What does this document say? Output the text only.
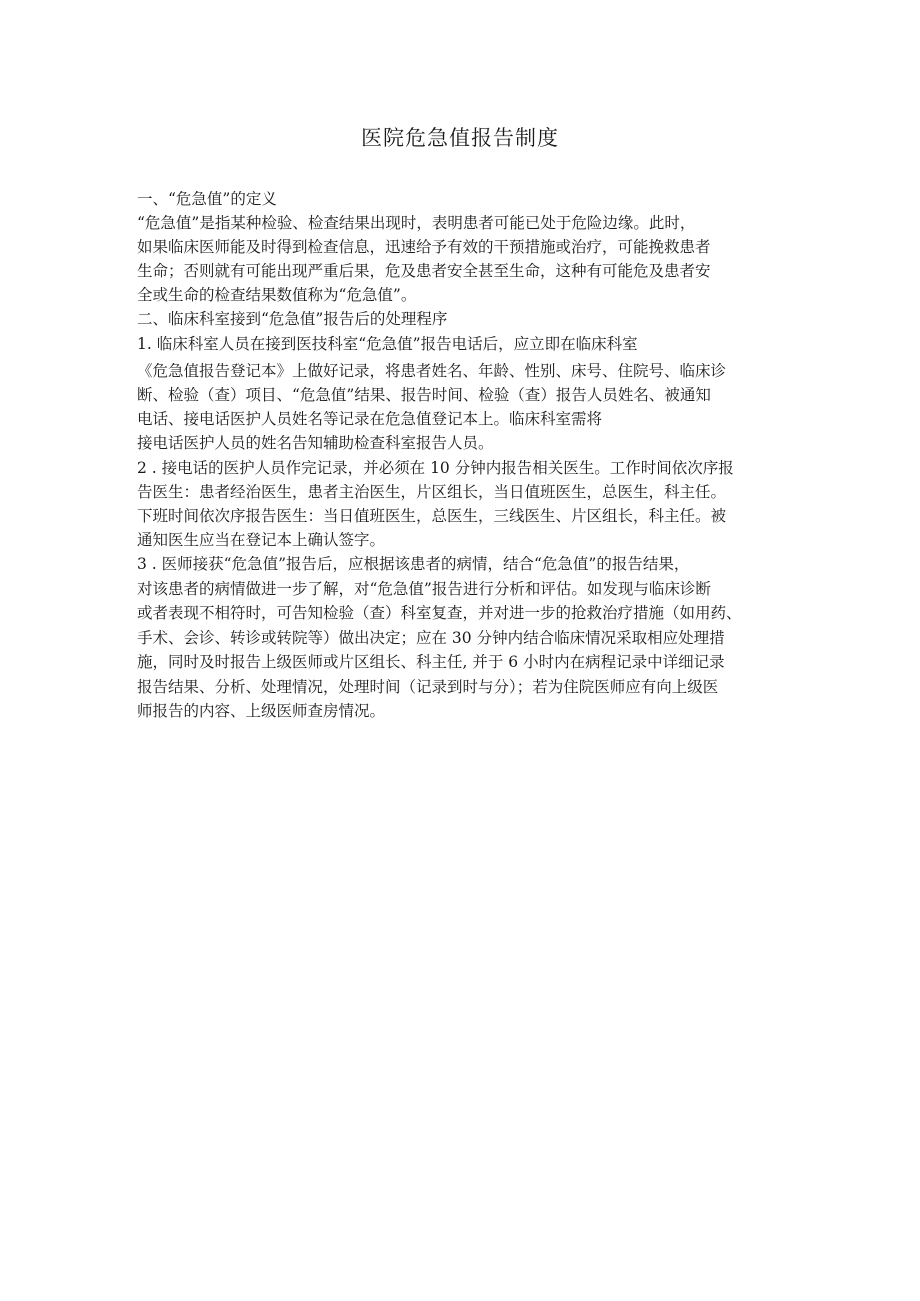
医院危急值报告制度
一、“危急值”的定义
“危急值”是指某种检验、检查结果出现时，表明患者可能已处于危险边缘。此时，
如果临床医师能及时得到检查信息，迅速给予有效的干预措施或治疗，可能挽救患者
生命；否则就有可能出现严重后果，危及患者安全甚至生命，这种有可能危及患者安
全或生命的检查结果数值称为“危急值”。
二、临床科室接到“危急值”报告后的处理程序
1. 临床科室人员在接到医技科室“危急值”报告电话后，应立即在临床科室
《危急值报告登记本》上做好记录，将患者姓名、年龄、性别、床号、住院号、临床诊
断、检验（查）项目、“危急值”结果、报告时间、检验（查）报告人员姓名、被通知
电话、接电话医护人员姓名等记录在危急值登记本上。临床科室需将
接电话医护人员的姓名告知辅助检查科室报告人员。
2 . 接电话的医护人员作完记录，并必须在 10 分钟内报告相关医生。工作时间依次序报
告医生：患者经治医生，患者主治医生，片区组长，当日值班医生，总医生，科主任。
下班时间依次序报告医生：当日值班医生，总医生，三线医生、片区组长，科主任。被
通知医生应当在登记本上确认签字。
3 . 医师接获“危急值”报告后，应根据该患者的病情，结合“危急值”的报告结果，
对该患者的病情做进一步了解，对“危急值”报告进行分析和评估。如发现与临床诊断
或者表现不相符时，可告知检验（查）科室复查，并对进一步的抢救治疗措施（如用药、
手术、会诊、转诊或转院等）做出决定；应在 30 分钟内结合临床情况采取相应处理措
施，同时及时报告上级医师或片区组长、科主任, 并于 6 小时内在病程记录中详细记录
报告结果、分析、处理情况，处理时间（记录到时与分）；若为住院医师应有向上级医
师报告的内容、上级医师查房情况。
